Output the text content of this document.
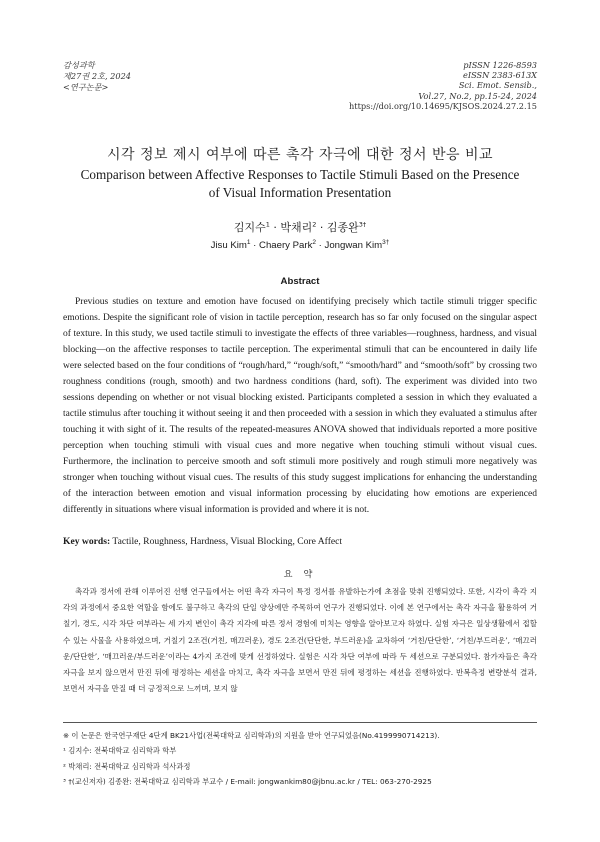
감성과학
제27권 2호, 2024
<연구논문>
pISSN 1226-8593
eISSN 2383-613X
Sci. Emot. Sensib.,
Vol.27, No.2, pp.15-24, 2024
https://doi.org/10.14695/KJSOS.2024.27.2.15
시각 정보 제시 여부에 따른 촉각 자극에 대한 정서 반응 비교
Comparison between Affective Responses to Tactile Stimuli Based on the Presence of Visual Information Presentation
김지수$^1$ · 박채리$^2$ · 김종완$^{3\dagger}$
Jisu Kim$^1$ · Chaery Park$^2$ · Jongwan Kim$^{3\dagger}$
Abstract
Previous studies on texture and emotion have focused on identifying precisely which tactile stimuli trigger specific emotions. Despite the significant role of vision in tactile perception, research has so far only focused on the singular aspect of texture. In this study, we used tactile stimuli to investigate the effects of three variables—roughness, hardness, and visual blocking—on the affective responses to tactile perception. The experimental stimuli that can be encountered in daily life were selected based on the four conditions of “rough/hard,” “rough/soft,” “smooth/hard” and “smooth/soft” by crossing two roughness conditions (rough, smooth) and two hardness conditions (hard, soft). The experiment was divided into two sessions depending on whether or not visual blocking existed. Participants completed a session in which they evaluated a tactile stimulus after touching it without seeing it and then proceeded with a session in which they evaluated a stimulus after touching it with sight of it. The results of the repeated-measures ANOVA showed that individuals reported a more positive perception when touching stimuli with visual cues and more negative when touching stimuli without visual cues. Furthermore, the inclination to perceive smooth and soft stimuli more positively and rough stimuli more negatively was stronger when touching without visual cues. The results of this study suggest implications for enhancing the understanding of the interaction between emotion and visual information processing by elucidating how emotions are experienced differently in situations where visual information is provided and where it is not.
Key words: Tactile, Roughness, Hardness, Visual Blocking, Core Affect
요 약
촉각과 정서에 관해 이루어진 선행 연구들에서는 어떤 촉각 자극이 특정 정서를 유발하는가에 초점을 맞춰 진행되었다. 또한, 시각이 촉각 지각의 과정에서 중요한 역할을 함에도 불구하고 촉각의 단일 양상에만 주목하여 연구가 진행되었다. 이에 본 연구에서는 촉각 자극을 활용하여 거칠기, 경도, 시각 차단 여부라는 세 가지 변인이 촉각 지각에 따른 정서 경험에 미치는 영향을 알아보고자 하였다. 실험 자극은 일상생활에서 접할 수 있는 사물을 사용하였으며, 거칠기 2조건(거친, 매끄러운), 경도 2조건(단단한, 부드러운)을 교차하여 ‘거친/단단한’, ‘거친/부드러운’, ‘매끄러운/단단한’, ‘매끄러운/부드러운’이라는 4가지 조건에 맞게 선정하였다. 실험은 시각 차단 여부에 따라 두 세션으로 구분되었다. 참가자들은 촉각 자극을 보지 않으면서 만진 뒤에 평정하는 세션을 마치고, 촉각 자극을 보면서 만진 뒤에 평정하는 세션을 진행하였다. 반복측정 변량분석 결과, 보면서 자극을 만질 때 더 긍정적으로 느끼며, 보지 않
※ 이 논문은 한국연구재단 4단계 BK21사업(전북대학교 심리학과)의 지원을 받아 연구되었음(No.4199990714213).
¹ 김지수: 전북대학교 심리학과 학부
² 박채리: 전북대학교 심리학과 석사과정
³ †(교신저자) 김종완: 전북대학교 심리학과 부교수 / E-mail: jongwankim80@jbnu.ac.kr / TEL: 063-270-2925
